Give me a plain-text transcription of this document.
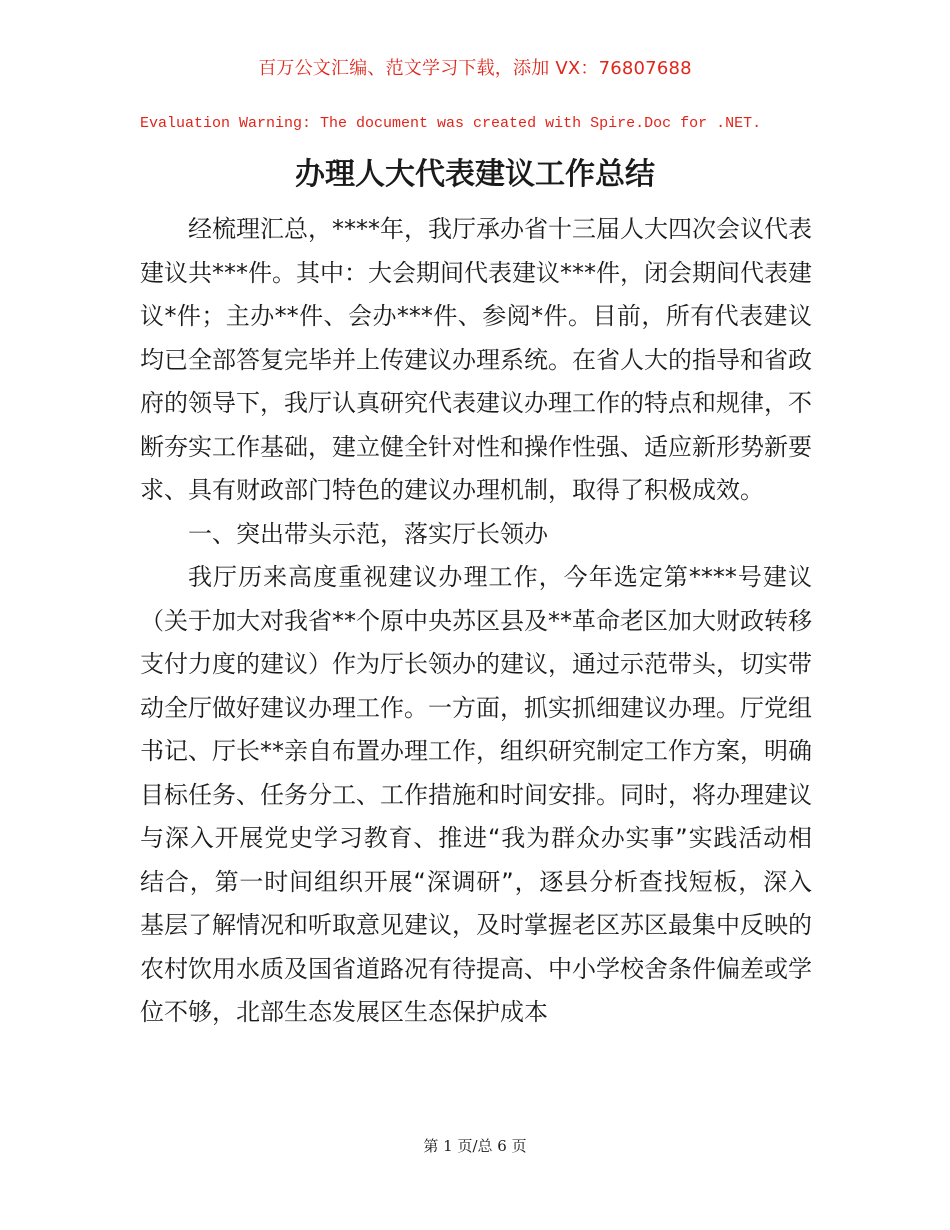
百万公文汇编、范文学习下载，添加 VX：76807688
Evaluation Warning: The document was created with Spire.Doc for .NET.
办理人大代表建议工作总结

经梳理汇总，****年，我厅承办省十三届人大四次会议代表建议共***件。其中：大会期间代表建议***件，闭会期间代表建议*件；主办**件、会办***件、参阅*件。目前，所有代表建议均已全部答复完毕并上传建议办理系统。在省人大的指导和省政府的领导下，我厅认真研究代表建议办理工作的特点和规律，不断夯实工作基础，建立健全针对性和操作性强、适应新形势新要求、具有财政部门特色的建议办理机制，取得了积极成效。

一、突出带头示范，落实厅长领办

我厅历来高度重视建议办理工作，今年选定第****号建议（关于加大对我省**个原中央苏区县及**革命老区加大财政转移支付力度的建议）作为厅长领办的建议，通过示范带头，切实带动全厅做好建议办理工作。一方面，抓实抓细建议办理。厅党组书记、厅长**亲自布置办理工作，组织研究制定工作方案，明确目标任务、任务分工、工作措施和时间安排。同时，将办理建议与深入开展党史学习教育、推进“我为群众办实事”实践活动相结合，第一时间组织开展“深调研”，逐县分析查找短板，深入基层了解情况和听取意见建议，及时掌握老区苏区最集中反映的农村饮用水质及国省道路况有待提高、中小学校舍条件偏差或学位不够，北部生态发展区生态保护成本

第 1 页/总 6 页
